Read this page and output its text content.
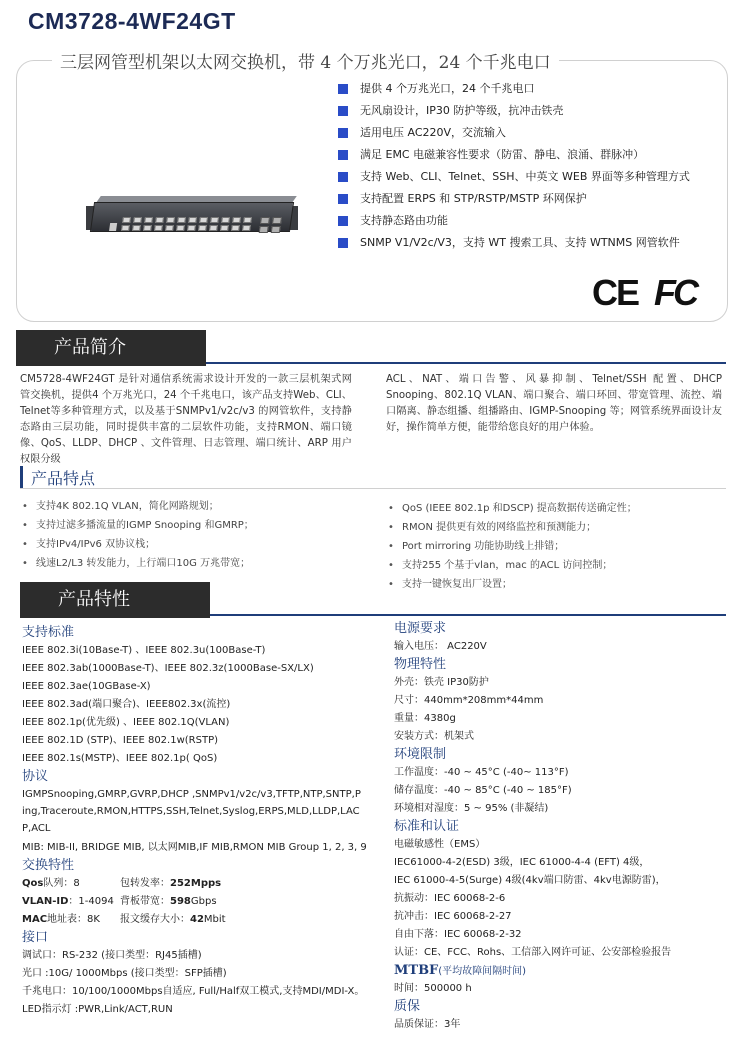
CM3728-4WF24GT
三层网管型机架以太网交换机，带 4 个万兆光口，24 个千兆电口
提供 4 个万兆光口，24 个千兆电口
无风扇设计，IP30 防护等级，抗冲击铁壳
适用电压 AC220V，交流输入
满足 EMC 电磁兼容性要求（防雷、静电、浪涌、群脉冲）
支持 Web、CLI、Telnet、SSH、中英文 WEB 界面等多种管理方式
支持配置 ERPS 和 STP/RSTP/MSTP 环网保护
支持静态路由功能
SNMP V1/V2c/V3，支持 WT 搜索工具、支持 WTNMS 网管软件
CE FC
产品简介

CM5728-4WF24GT 是针对通信系统需求设计开发的一款三层机架式网管交换机，提供4 个万兆光口，24 个千兆电口，该产品支持Web、CLI、Telnet等多种管理方式，以及基于SNMPv1/v2c/v3 的网管软件，支持静态路由三层功能，同时提供丰富的二层软件功能，支持RMON、端口镜像、QoS、LLDP、DHCP 、文件管理、日志管理、端口统计、ARP 用户权限分级

ACL、NAT、端口告警、风暴抑制、Telnet/SSH 配置、DHCP Snooping、802.1Q VLAN、端口聚合、端口环回、带宽管理、流控、端口隔离、静态组播、组播路由、IGMP-Snooping 等；网管系统界面设计友好，操作简单方便，能带给您良好的用户体验。

产品特点
• 支持4K 802.1Q VLAN，简化网路规划；
• 支持过滤多播流量的IGMP Snooping 和GMRP；
• 支持IPv4/IPv6 双协议栈；
• 线速L2/L3 转发能力，上行端口10G 万兆带宽；
• QoS (IEEE 802.1p 和DSCP) 提高数据传送确定性；
• RMON 提供更有效的网络监控和预测能力；
• Port mirroring 功能协助线上排错；
• 支持255 个基于vlan，mac 的ACL 访问控制；
• 支持一键恢复出厂设置；
产品特性
支持标准
IEEE 802.3i(10Base-T) 、IEEE 802.3u(100Base-T)
IEEE 802.3ab(1000Base-T)、IEEE 802.3z(1000Base-SX/LX)
IEEE 802.3ae(10GBase-X)
IEEE 802.3ad(端口聚合)、IEEE802.3x(流控)
IEEE 802.1p(优先级) 、IEEE 802.1Q(VLAN)
IEEE 802.1D (STP)、IEEE 802.1w(RSTP)
IEEE 802.1s(MSTP)、IEEE 802.1p( QoS)
协议
IGMPSnooping,GMRP,GVRP,DHCP ,SNMPv1/v2c/v3,TFTP,NTP,SNTP,Ping,Traceroute,RMON,HTTPS,SSH,Telnet,Syslog,ERPS,MLD,LLDP,LACP,ACL
MIB: MIB-II, BRIDGE MIB, 以太网MIB,IF MIB,RMON MIB Group 1, 2, 3, 9
交换特性
Qos队列：8	包转发率：252Mpps
VLAN-ID：1-4094 背板带宽：598Gbps
MAC地址表：8K	报文缓存大小：42Mbit
接口
调试口：RS-232 (接口类型：RJ45插槽)
光口 :10G/ 1000Mbps (接口类型：SFP插槽)
千兆电口：10/100/1000Mbps自适应, Full/Half双工模式,支持MDI/MDI-X。
LED指示灯 :PWR,Link/ACT,RUN
电源要求
输入电压： AC220V
物理特性
外壳：铁壳 IP30防护
尺寸：440mm*208mm*44mm
重量：4380g
安装方式：机架式
环境限制
工作温度：-40 ~ 45°C (-40~ 113°F)
储存温度：-40 ~ 85°C (-40 ~ 185°F)
环境相对湿度：5 ~ 95% (非凝结)
标准和认证
电磁敏感性（EMS）
IEC61000-4-2(ESD) 3级，IEC 61000-4-4 (EFT) 4级，
IEC 61000-4-5(Surge) 4级(4kv端口防雷、4kv电源防雷)，
抗振动：IEC 60068-2-6
抗冲击：IEC 60068-2-27
自由下落：IEC 60068-2-32
认证：CE、FCC、Rohs、工信部入网许可证、公安部检验报告
MTBF(平均故障间隔时间)
时间：500000 h
质保
品质保证：3年
